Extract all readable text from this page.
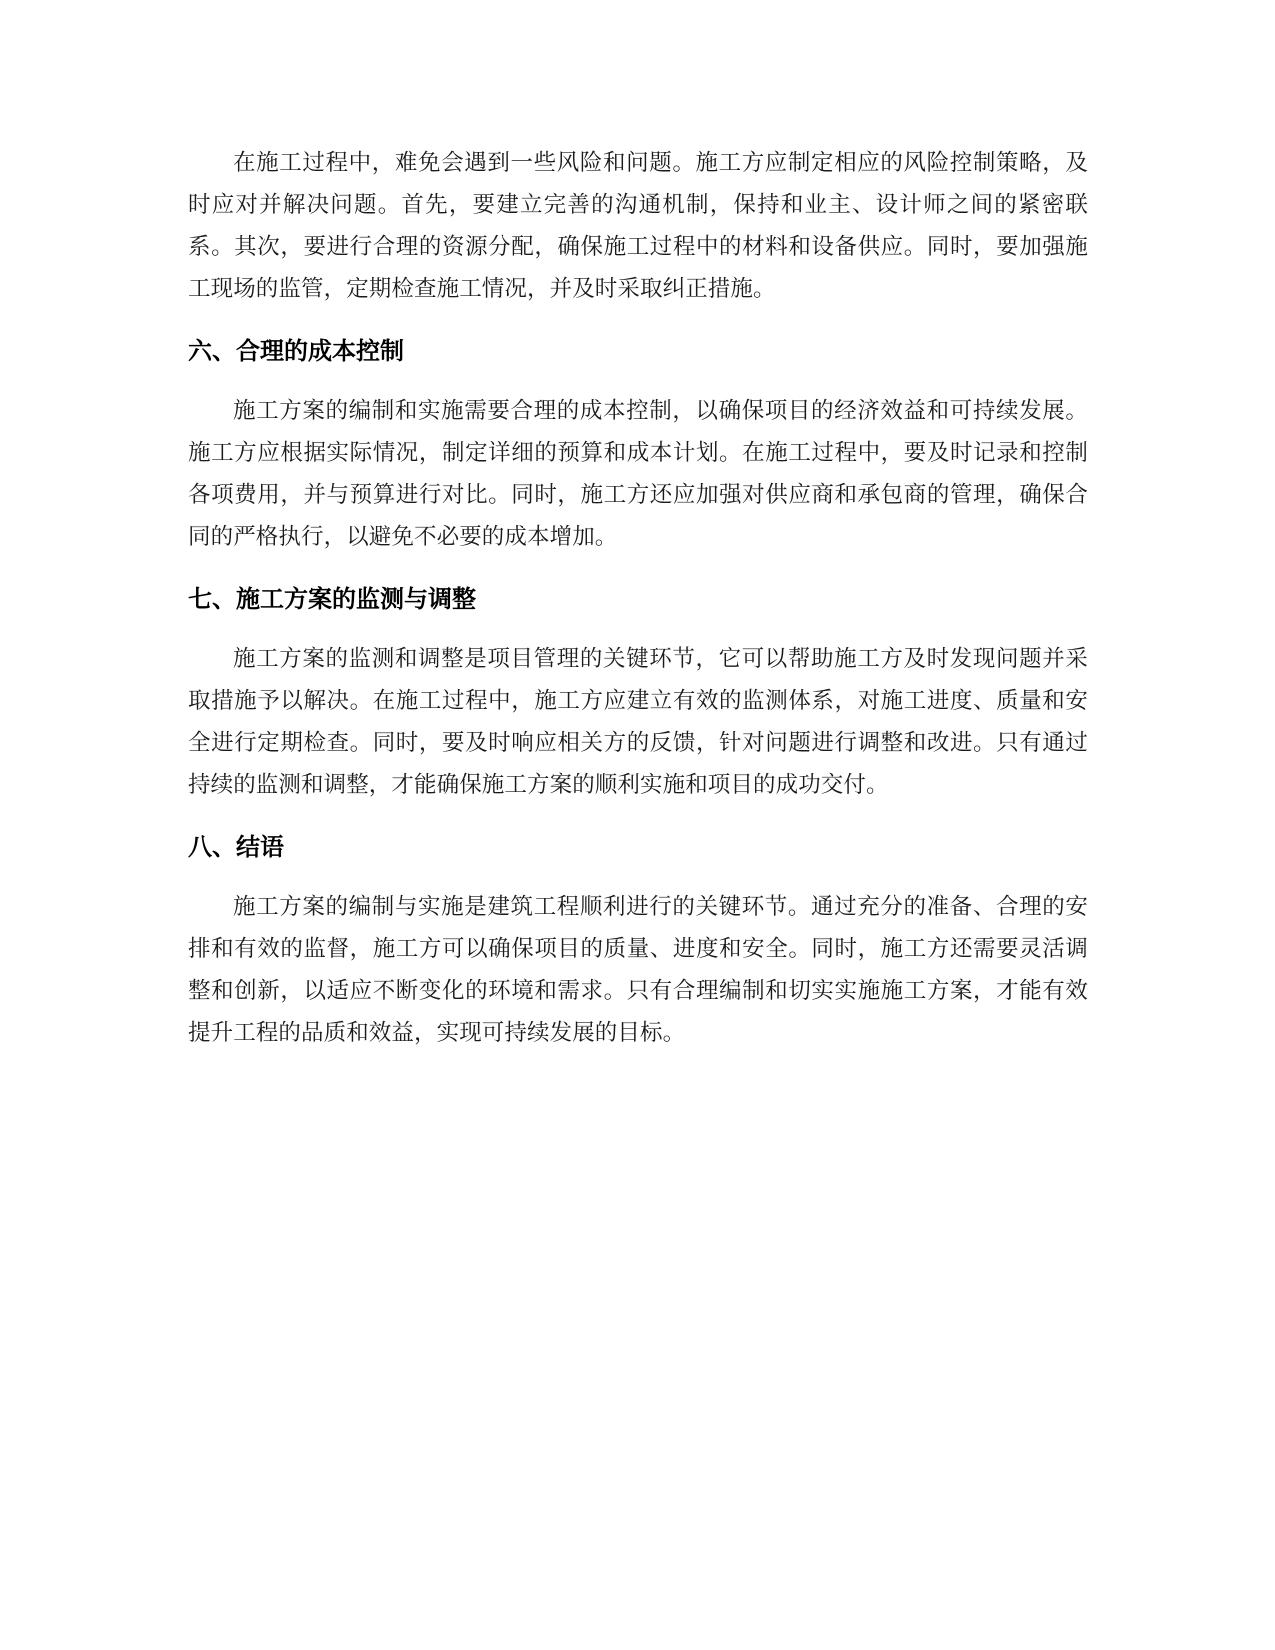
在施工过程中，难免会遇到一些风险和问题。施工方应制定相应的风险控制策略，及时应对并解决问题。首先，要建立完善的沟通机制，保持和业主、设计师之间的紧密联系。其次，要进行合理的资源分配，确保施工过程中的材料和设备供应。同时，要加强施工现场的监管，定期检查施工情况，并及时采取纠正措施。

六、合理的成本控制

施工方案的编制和实施需要合理的成本控制，以确保项目的经济效益和可持续发展。施工方应根据实际情况，制定详细的预算和成本计划。在施工过程中，要及时记录和控制各项费用，并与预算进行对比。同时，施工方还应加强对供应商和承包商的管理，确保合同的严格执行，以避免不必要的成本增加。

七、施工方案的监测与调整

施工方案的监测和调整是项目管理的关键环节，它可以帮助施工方及时发现问题并采取措施予以解决。在施工过程中，施工方应建立有效的监测体系，对施工进度、质量和安全进行定期检查。同时，要及时响应相关方的反馈，针对问题进行调整和改进。只有通过持续的监测和调整，才能确保施工方案的顺利实施和项目的成功交付。

八、结语

施工方案的编制与实施是建筑工程顺利进行的关键环节。通过充分的准备、合理的安排和有效的监督，施工方可以确保项目的质量、进度和安全。同时，施工方还需要灵活调整和创新，以适应不断变化的环境和需求。只有合理编制和切实实施施工方案，才能有效提升工程的品质和效益，实现可持续发展的目标。
